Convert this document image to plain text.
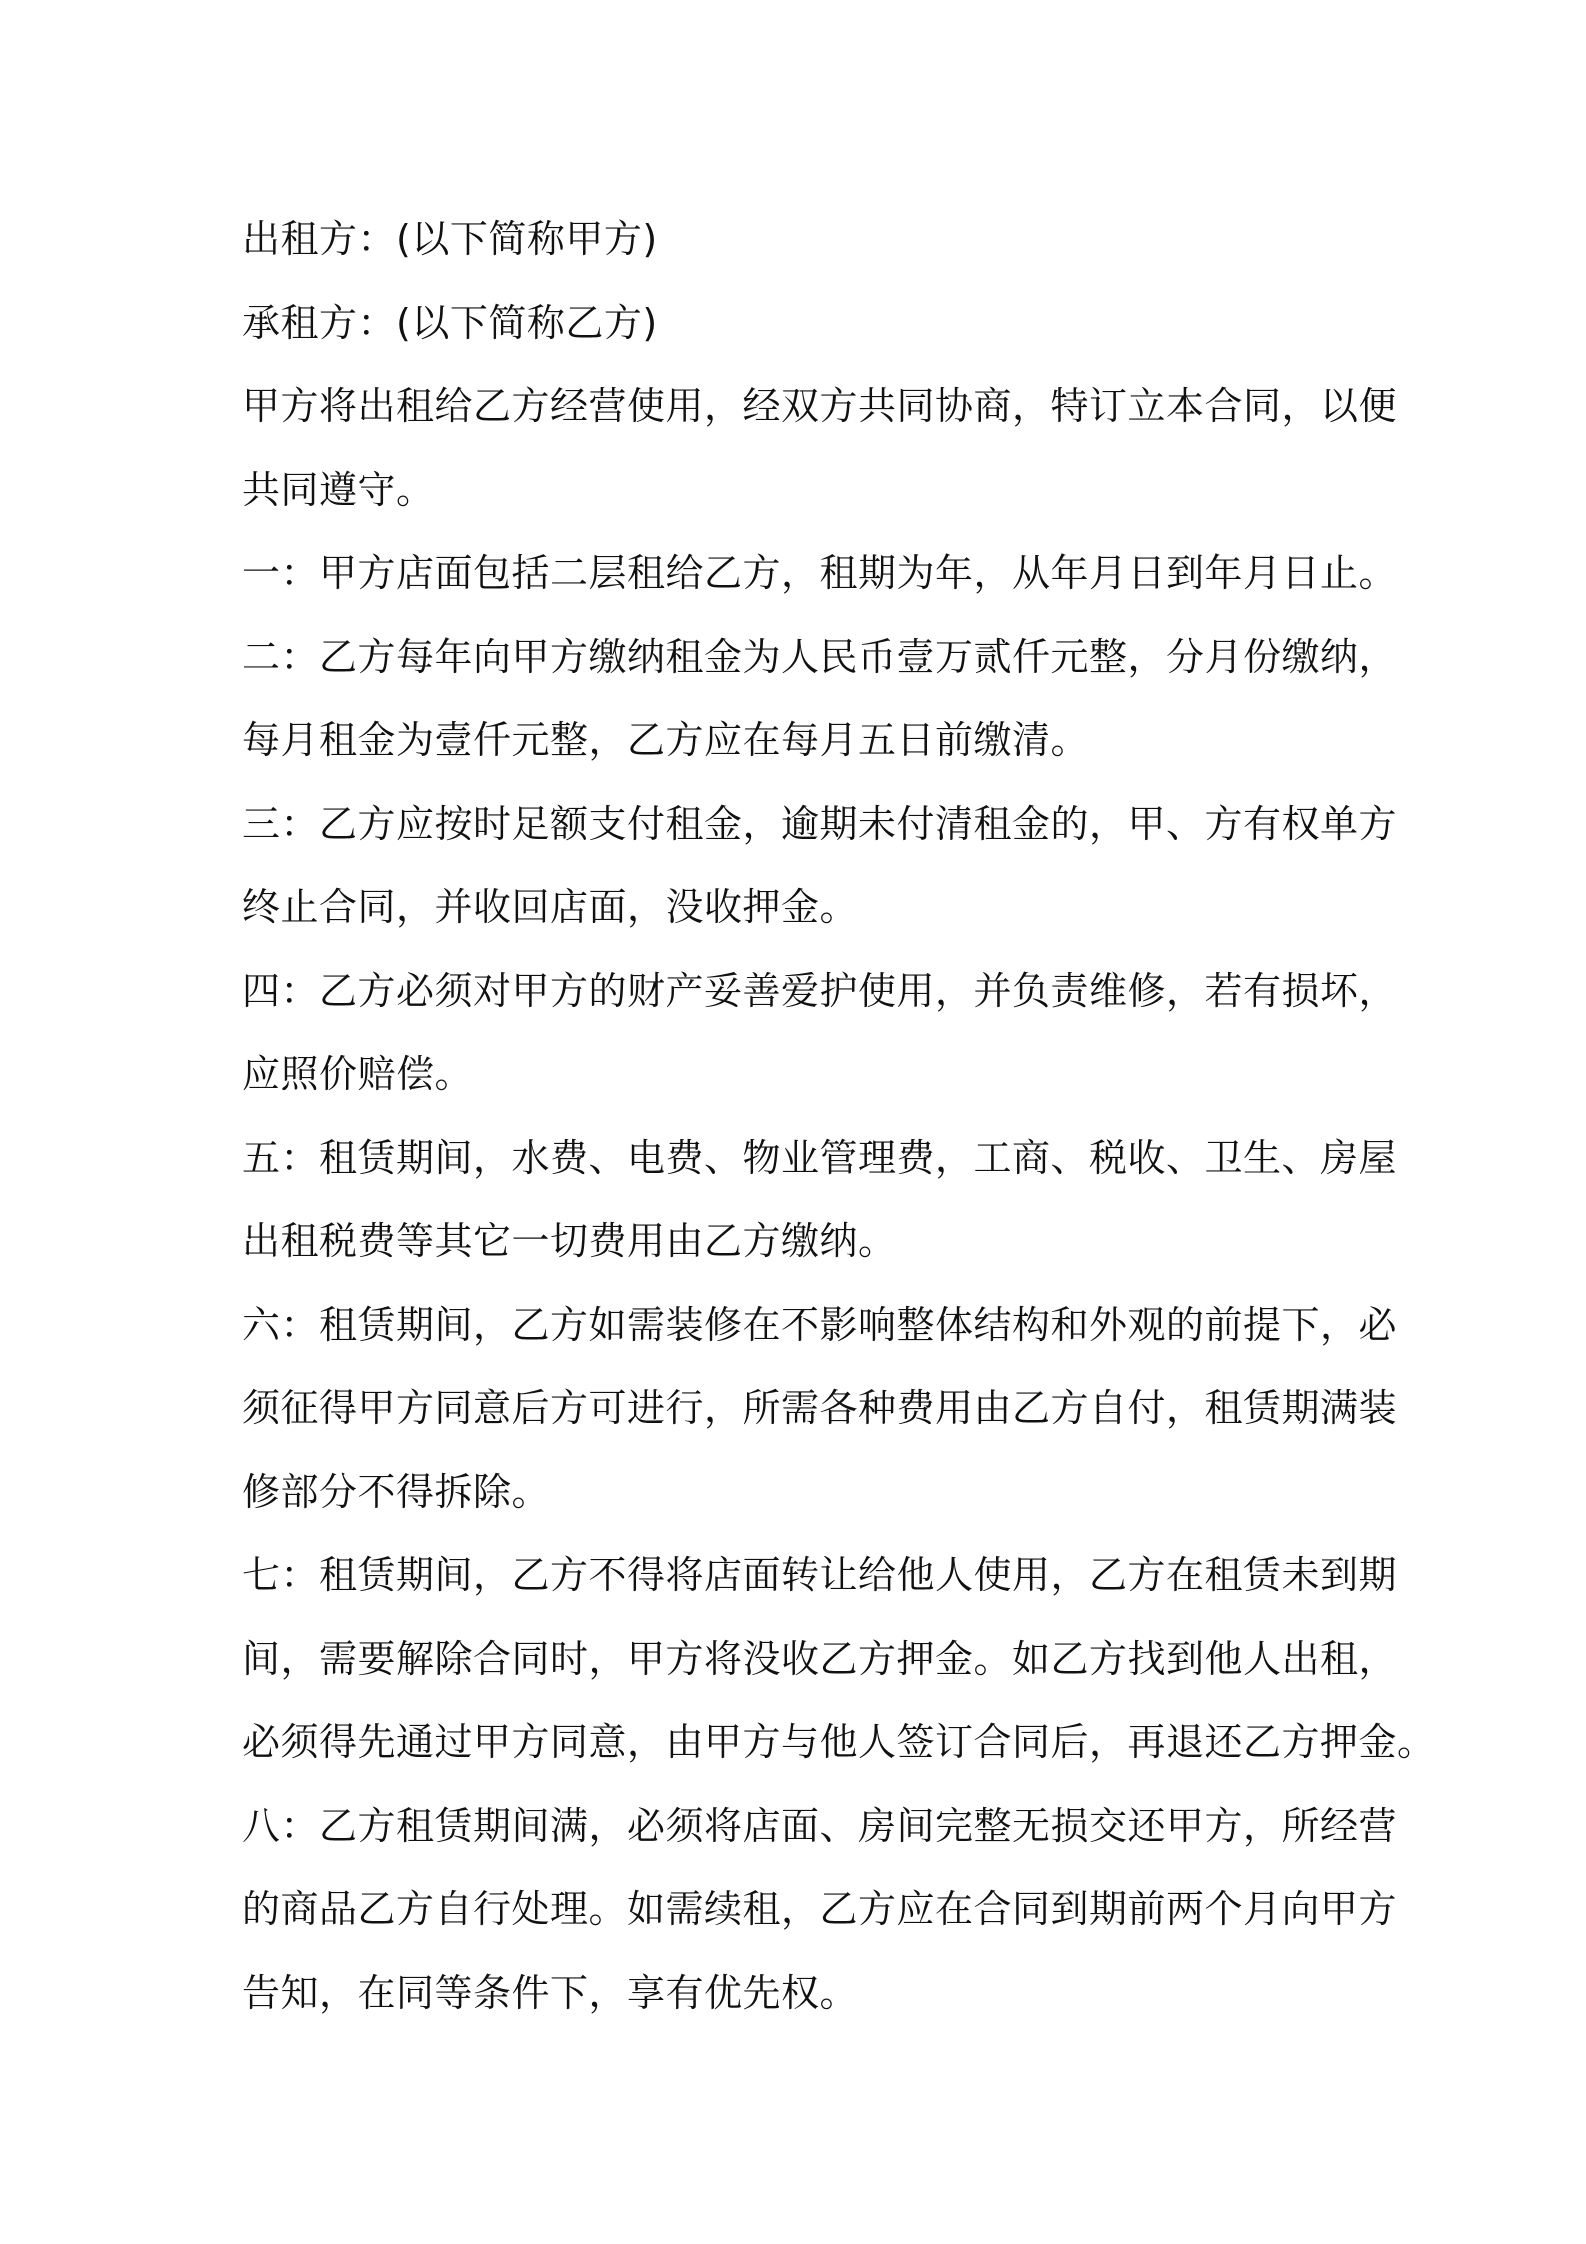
出租方：(以下简称甲方)
承租方：(以下简称乙方)
甲方将出租给乙方经营使用，经双方共同协商，特订立本合同，以便
共同遵守。
一：甲方店面包括二层租给乙方，租期为年，从年月日到年月日止。
二：乙方每年向甲方缴纳租金为人民币壹万贰仟元整，分月份缴纳，
每月租金为壹仟元整，乙方应在每月五日前缴清。
三：乙方应按时足额支付租金，逾期未付清租金的，甲、方有权单方
终止合同，并收回店面，没收押金。
四：乙方必须对甲方的财产妥善爱护使用，并负责维修，若有损坏，
应照价赔偿。
五：租赁期间，水费、电费、物业管理费，工商、税收、卫生、房屋
出租税费等其它一切费用由乙方缴纳。
六：租赁期间，乙方如需装修在不影响整体结构和外观的前提下，必
须征得甲方同意后方可进行，所需各种费用由乙方自付，租赁期满装
修部分不得拆除。
七：租赁期间，乙方不得将店面转让给他人使用，乙方在租赁未到期
间，需要解除合同时，甲方将没收乙方押金。如乙方找到他人出租，
必须得先通过甲方同意，由甲方与他人签订合同后，再退还乙方押金。
八：乙方租赁期间满，必须将店面、房间完整无损交还甲方，所经营
的商品乙方自行处理。如需续租，乙方应在合同到期前两个月向甲方
告知，在同等条件下，享有优先权。
